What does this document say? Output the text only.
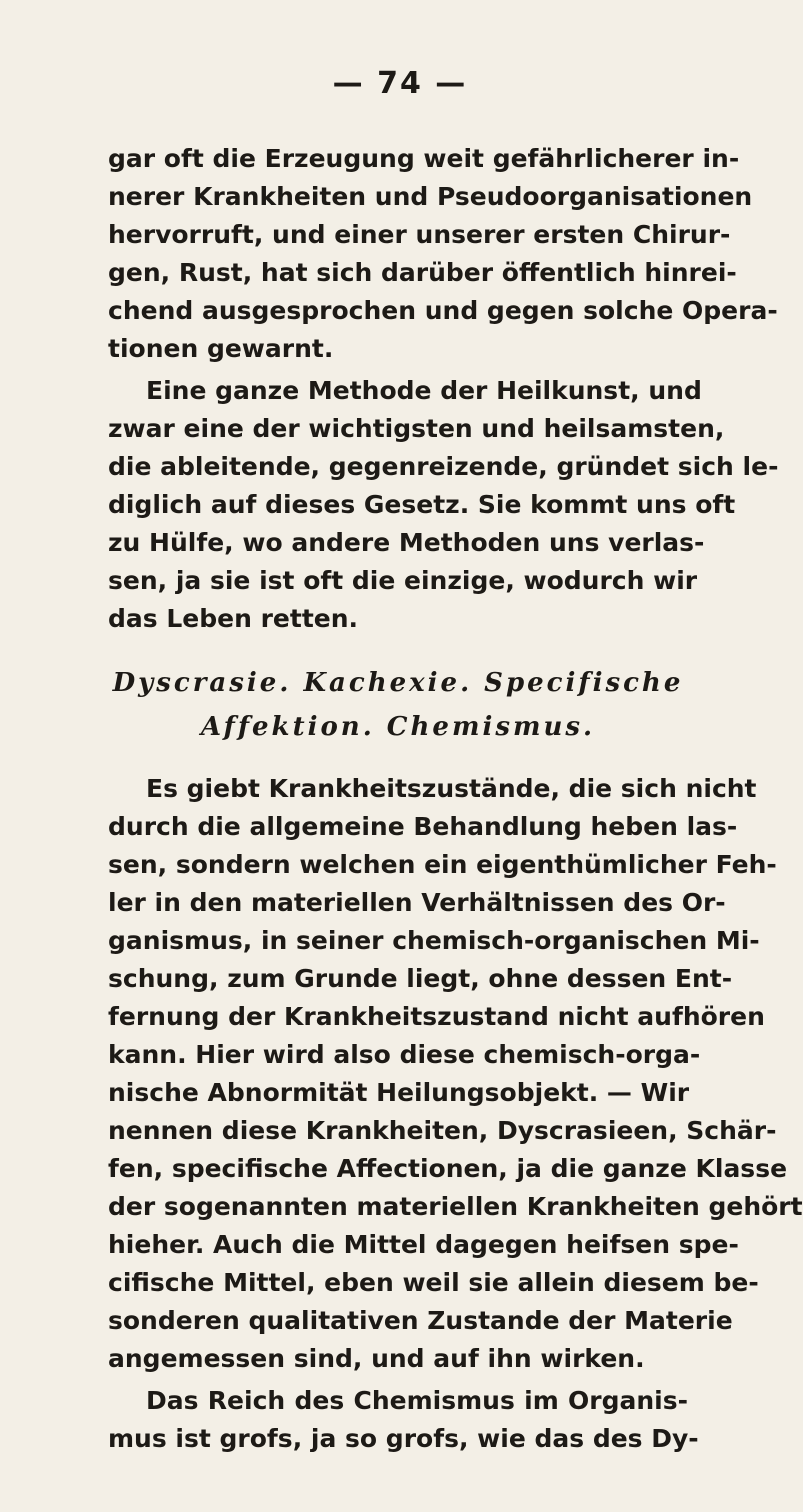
— 74 —
gar oft die Erzeugung weit gefährlicherer in-
nerer Krankheiten und Pseudoorganisationen
hervorruft, und einer unserer ersten Chirur-
gen, Rust, hat sich darüber öffentlich hinrei-
chend ausgesprochen und gegen solche Opera-
tionen gewarnt.
Eine ganze Methode der Heilkunst, und
zwar eine der wichtigsten und heilsamsten,
die ableitende, gegenreizende, gründet sich le-
diglich auf dieses Gesetz. Sie kommt uns oft
zu Hülfe, wo andere Methoden uns verlas-
sen, ja sie ist oft die einzige, wodurch wir
das Leben retten.
Dyscrasie. Kachexie. Specifische
Affektion. Chemismus.
Es giebt Krankheitszustände, die sich nicht
durch die allgemeine Behandlung heben las-
sen, sondern welchen ein eigenthümlicher Feh-
ler in den materiellen Verhältnissen des Or-
ganismus, in seiner chemisch-organischen Mi-
schung, zum Grunde liegt, ohne dessen Ent-
fernung der Krankheitszustand nicht aufhören
kann. Hier wird also diese chemisch-orga-
nische Abnormität Heilungsobjekt. — Wir
nennen diese Krankheiten, Dyscrasieen, Schär-
fen, specifische Affectionen, ja die ganze Klasse
der sogenannten materiellen Krankheiten gehört
hieher. Auch die Mittel dagegen heifsen spe-
cifische Mittel, eben weil sie allein diesem be-
sonderen qualitativen Zustande der Materie
angemessen sind, und auf ihn wirken.
Das Reich des Chemismus im Organis-
mus ist grofs, ja so grofs, wie das des Dy-
